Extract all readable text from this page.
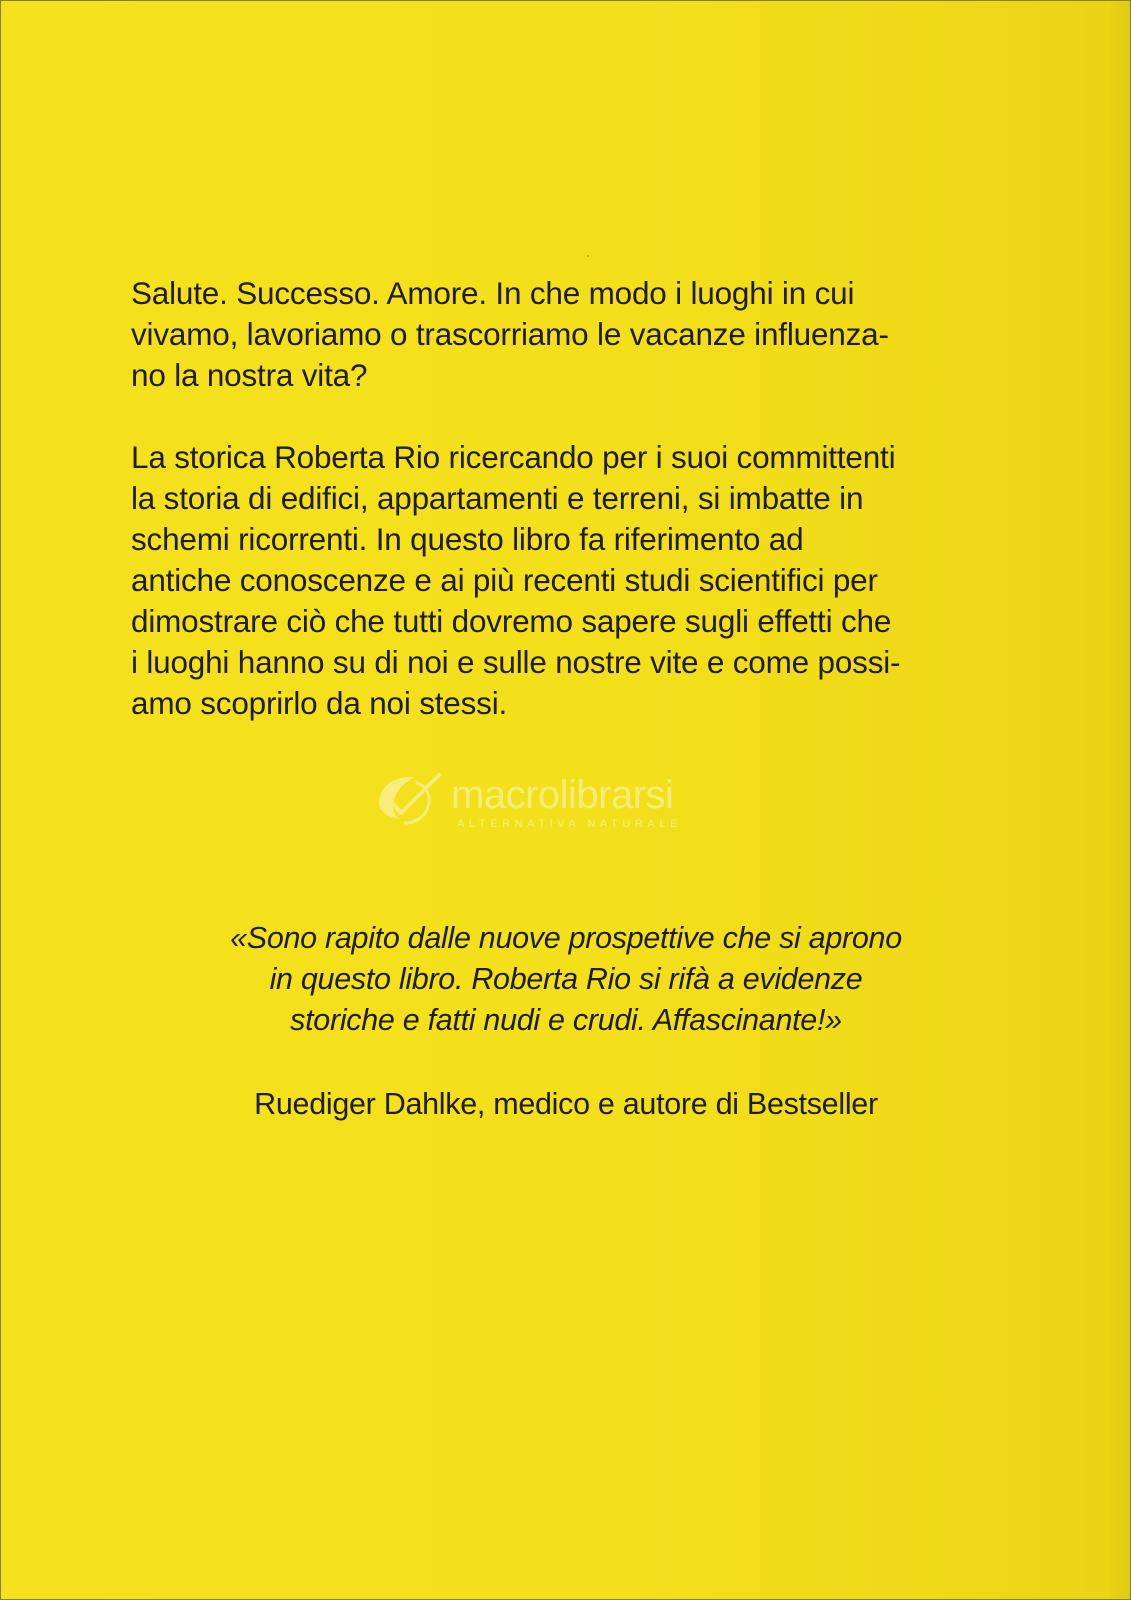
Salute. Successo. Amore. In che modo i luoghi in cui
vivamo, lavoriamo o trascorriamo le vacanze influenza-
no la nostra vita?

La storica Roberta Rio ricercando per i suoi committenti
la storia di edifici, appartamenti e terreni, si imbatte in
schemi ricorrenti. In questo libro fa riferimento ad
antiche conoscenze e ai più recenti studi scientifici per
dimostrare ciò che tutti dovremo sapere sugli effetti che
i luoghi hanno su di noi e sulle nostre vite e come possi-
amo scoprirlo da noi stessi.

macrolibrarsi
ALTERNATIVA NATURALE
«Sono rapito dalle nuove prospettive che si aprono
in questo libro. Roberta Rio si rifà a evidenze
storiche e fatti nudi e crudi. Affascinante!»
Ruediger Dahlke, medico e autore di Bestseller
